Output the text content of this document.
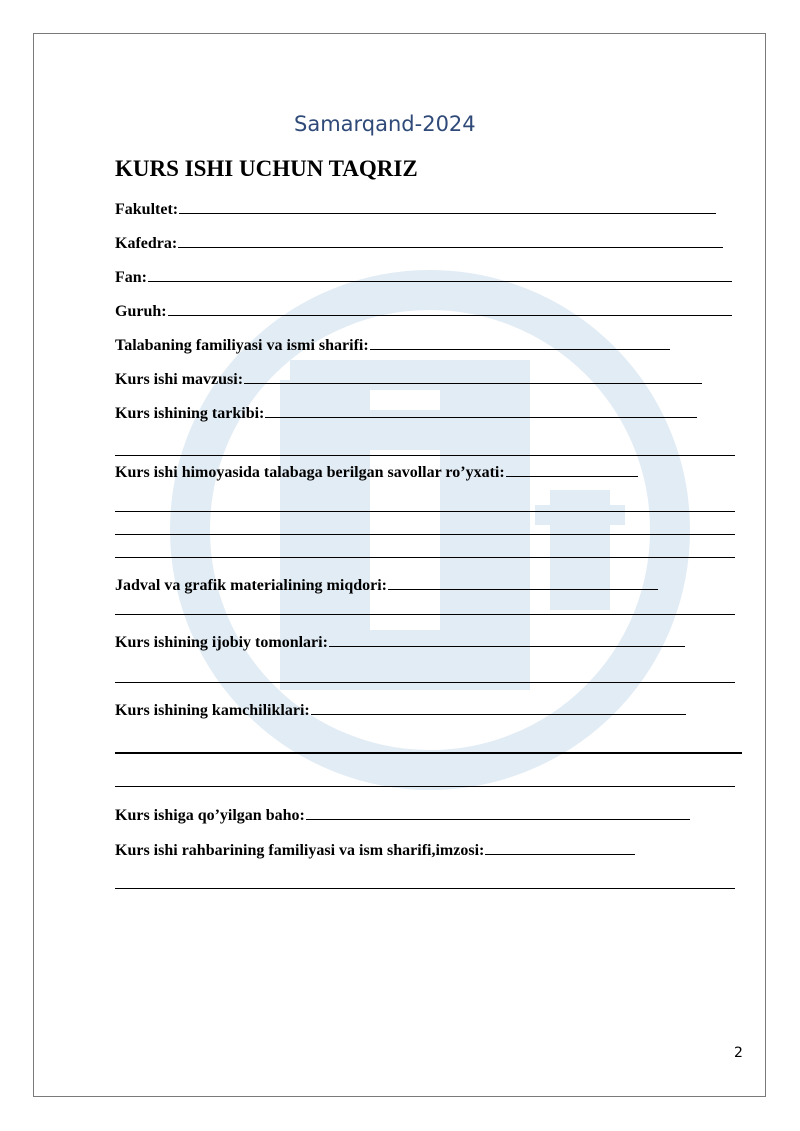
Samarqand-2024
KURS ISHI UCHUN TAQRIZ
Fakultet:
Kafedra:
Fan:
Guruh:
Talabaning familiyasi va ismi sharifi:
Kurs ishi mavzusi:
Kurs ishining tarkibi:
Kurs ishi himoyasida talabaga berilgan savollar ro’yxati:
Jadval va grafik materialining miqdori:
Kurs ishining ijobiy tomonlari:
Kurs ishining kamchiliklari:
Kurs ishiga qo’yilgan baho:
Kurs ishi rahbarining familiyasi va ism sharifi,imzosi:
2
